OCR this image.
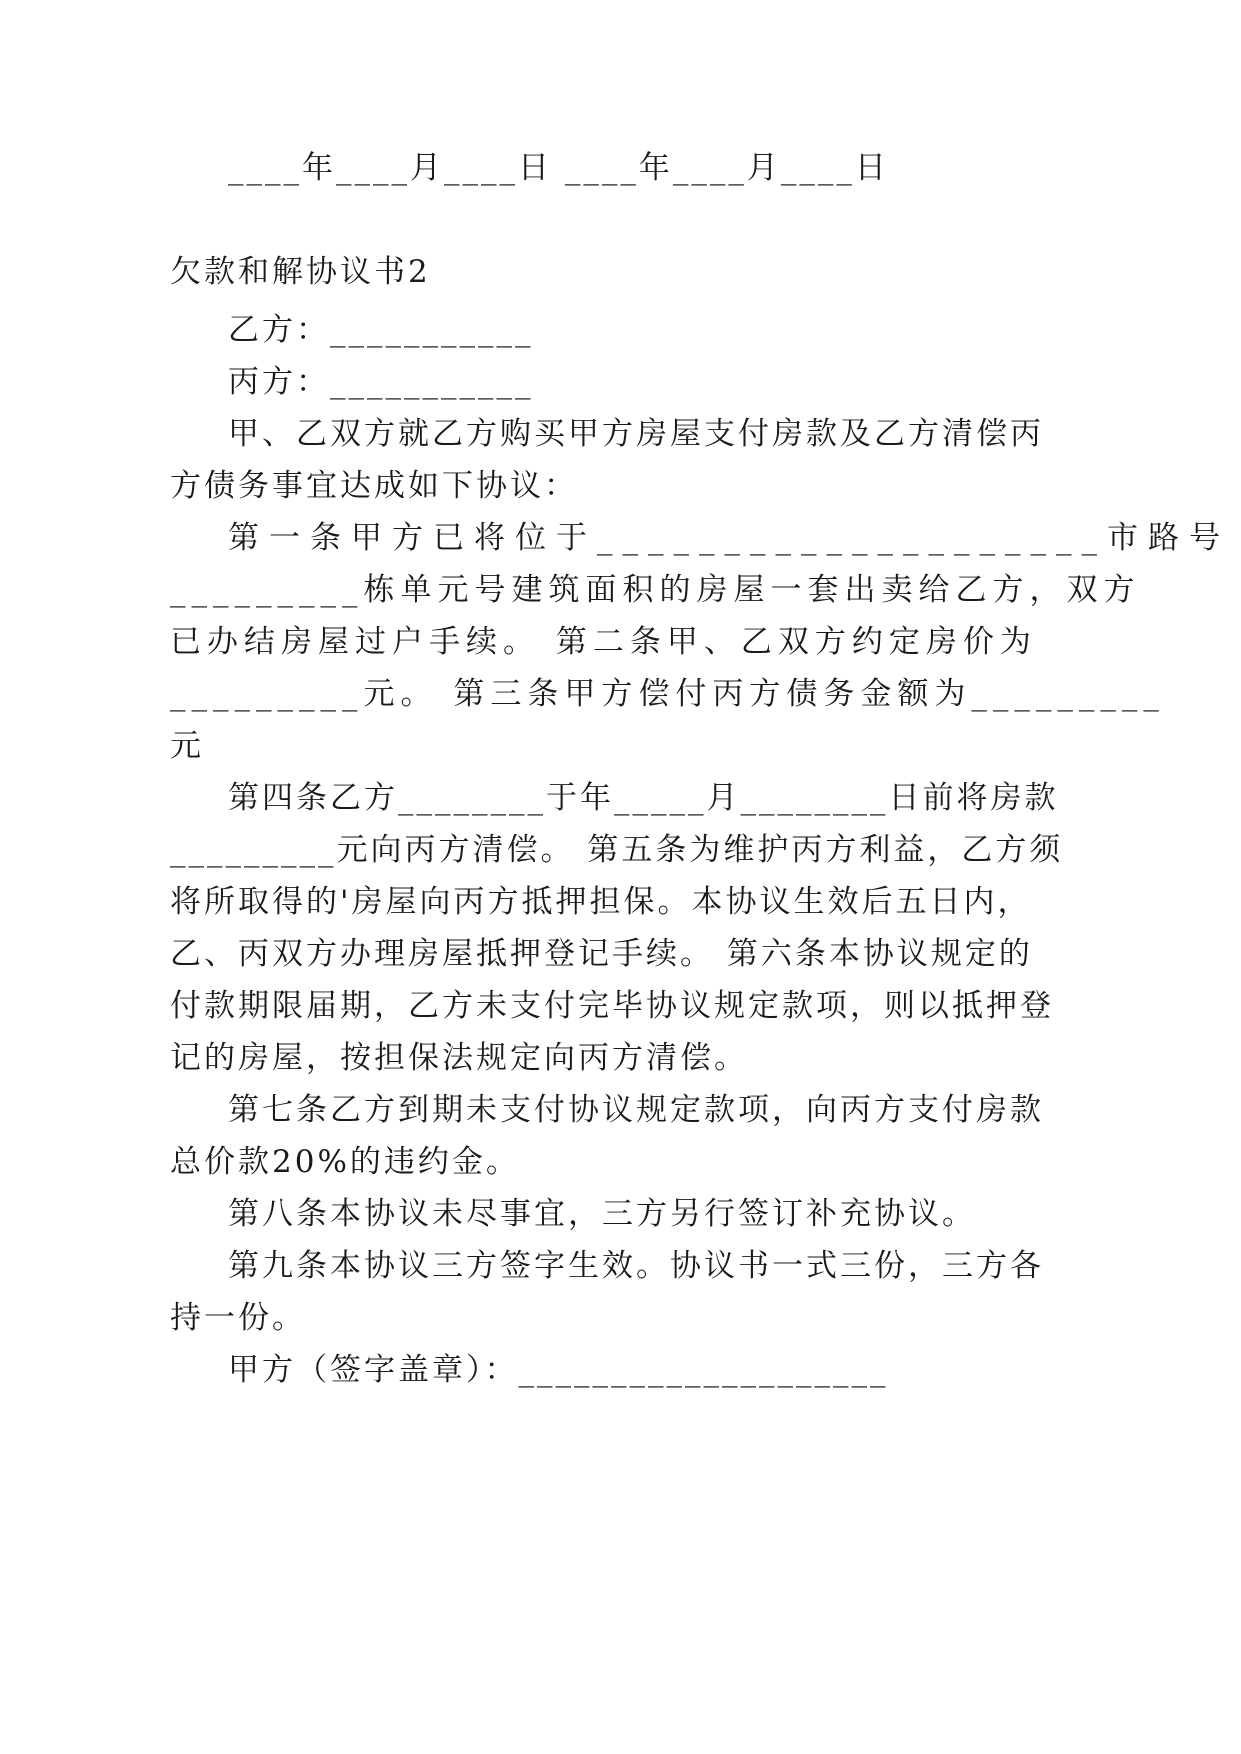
____年____月____日 ____年____月____日
欠款和解协议书2
乙方：___________
丙方：___________
甲、乙双方就乙方购买甲方房屋支付房款及乙方清偿丙
方债务事宜达成如下协议：
第一条甲方已将位于____________________市路号
_________栋单元号建筑面积的房屋一套出卖给乙方，双方
已办结房屋过户手续。 第二条甲、乙双方约定房价为
_________元。 第三条甲方偿付丙方债务金额为_________
元
第四条乙方________于年_____月________日前将房款
_________元向丙方清偿。 第五条为维护丙方利益，乙方须
将所取得的'房屋向丙方抵押担保。本协议生效后五日内，
乙、丙双方办理房屋抵押登记手续。 第六条本协议规定的
付款期限届期，乙方未支付完毕协议规定款项，则以抵押登
记的房屋，按担保法规定向丙方清偿。
第七条乙方到期未支付协议规定款项，向丙方支付房款
总价款20%的违约金。
第八条本协议未尽事宜，三方另行签订补充协议。
第九条本协议三方签字生效。协议书一式三份，三方各
持一份。
甲方（签字盖章）：____________________
